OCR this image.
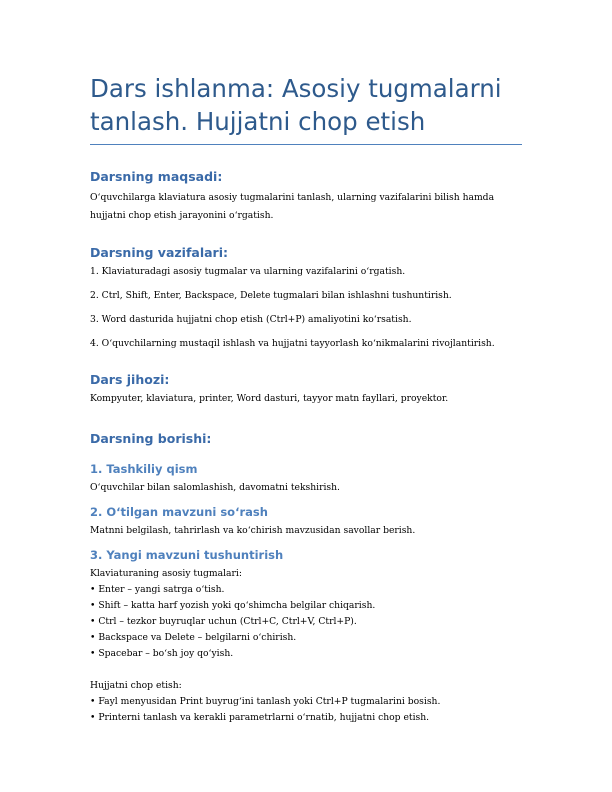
Dars ishlanma: Asosiy tugmalarni
tanlash. Hujjatni chop etish
Darsning maqsadi:

O‘quvchilarga klaviatura asosiy tugmalarini tanlash, ularning vazifalarini bilish hamda hujjatni chop etish jarayonini o‘rgatish.

Darsning vazifalari:

1. Klaviaturadagi asosiy tugmalar va ularning vazifalarini o‘rgatish.

2. Ctrl, Shift, Enter, Backspace, Delete tugmalari bilan ishlashni tushuntirish.

3. Word dasturida hujjatni chop etish (Ctrl+P) amaliyotini ko‘rsatish.

4. O‘quvchilarning mustaqil ishlash va hujjatni tayyorlash ko‘nikmalarini rivojlantirish.

Dars jihozi:

Kompyuter, klaviatura, printer, Word dasturi, tayyor matn fayllari, proyektor.

Darsning borishi:
1. Tashkiliy qism

O‘quvchilar bilan salomlashish, davomatni tekshirish.

2. O‘tilgan mavzuni so‘rash

Matnni belgilash, tahrirlash va ko‘chirish mavzusidan savollar berish.

3. Yangi mavzuni tushuntirish

Klaviaturaning asosiy tugmalari:

• Enter – yangi satrga o‘tish.
• Shift – katta harf yozish yoki qo‘shimcha belgilar chiqarish.
• Ctrl – tezkor buyruqlar uchun (Ctrl+C, Ctrl+V, Ctrl+P).
• Backspace va Delete – belgilarni o‘chirish.
• Spacebar – bo‘sh joy qo‘yish.

Hujjatni chop etish:

• Fayl menyusidan Print buyrug‘ini tanlash yoki Ctrl+P tugmalarini bosish.
• Printerni tanlash va kerakli parametrlarni o‘rnatib, hujjatni chop etish.
